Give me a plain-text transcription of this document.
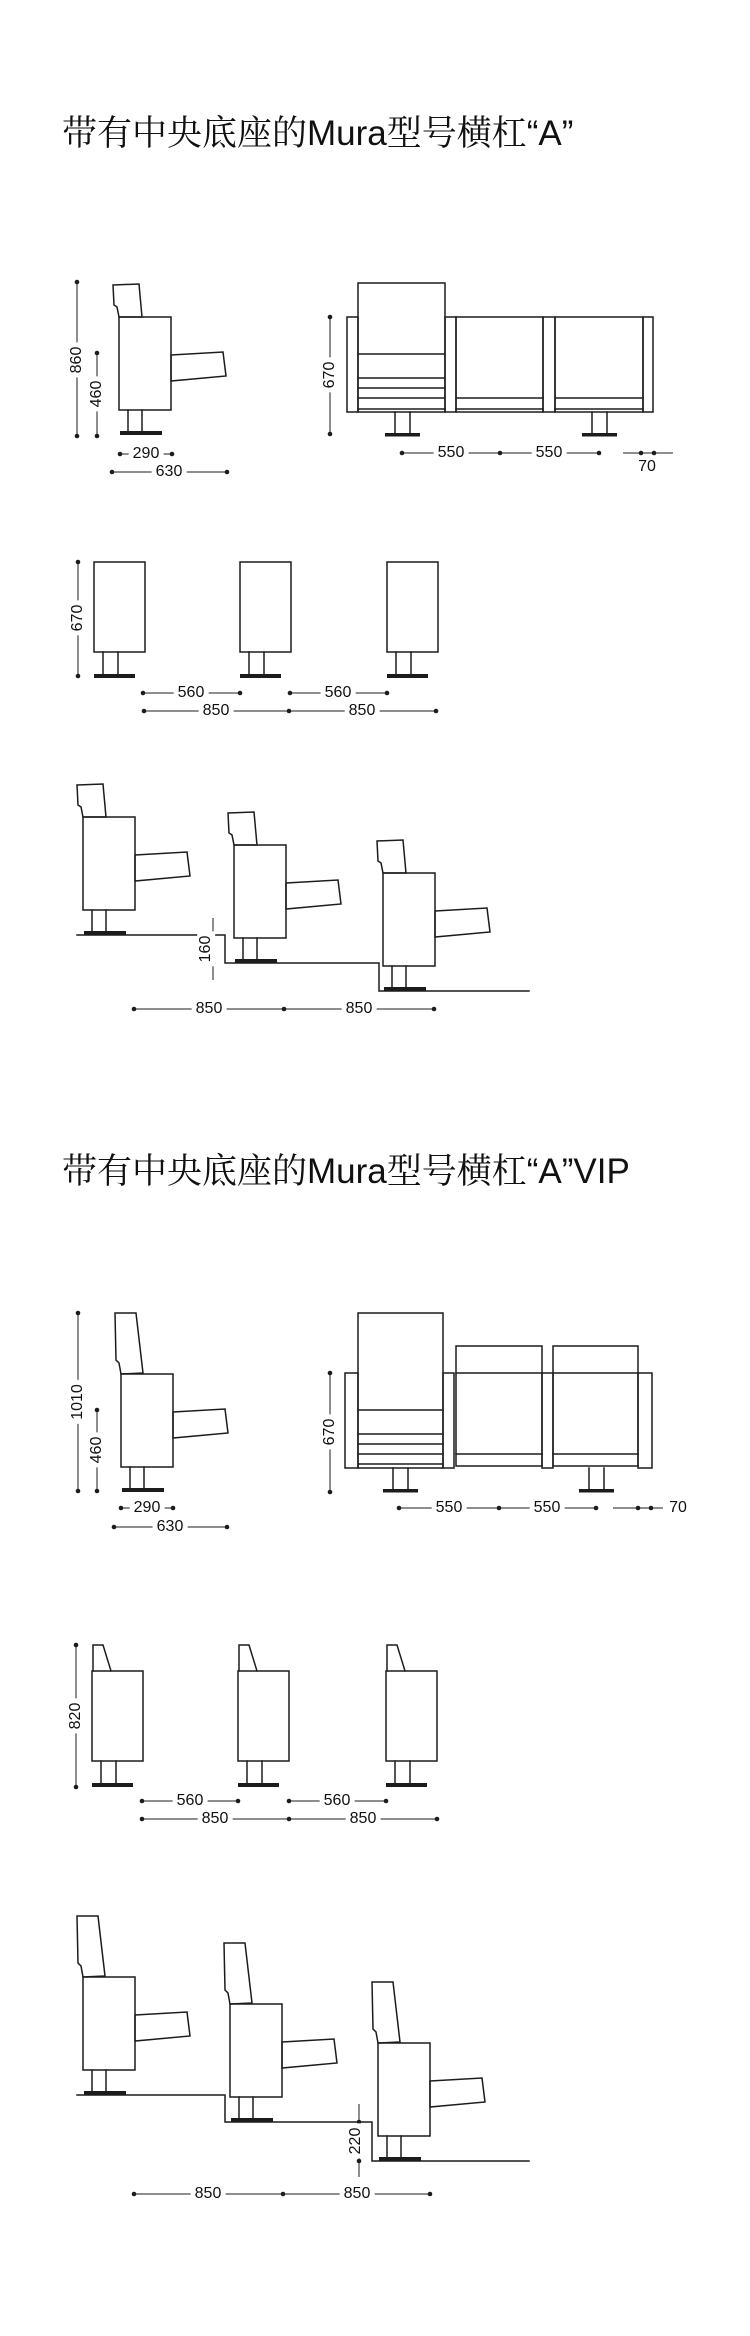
带有中央底座的Mura型号横杠“A”
带有中央底座的Mura型号横杠“A”VIP
860
460
290
630
670
550	550
70
670
560	560
850	850
160
850	850
1010
460
290
630
670
550	550	70
820
560	560
850	850
220
850	850
